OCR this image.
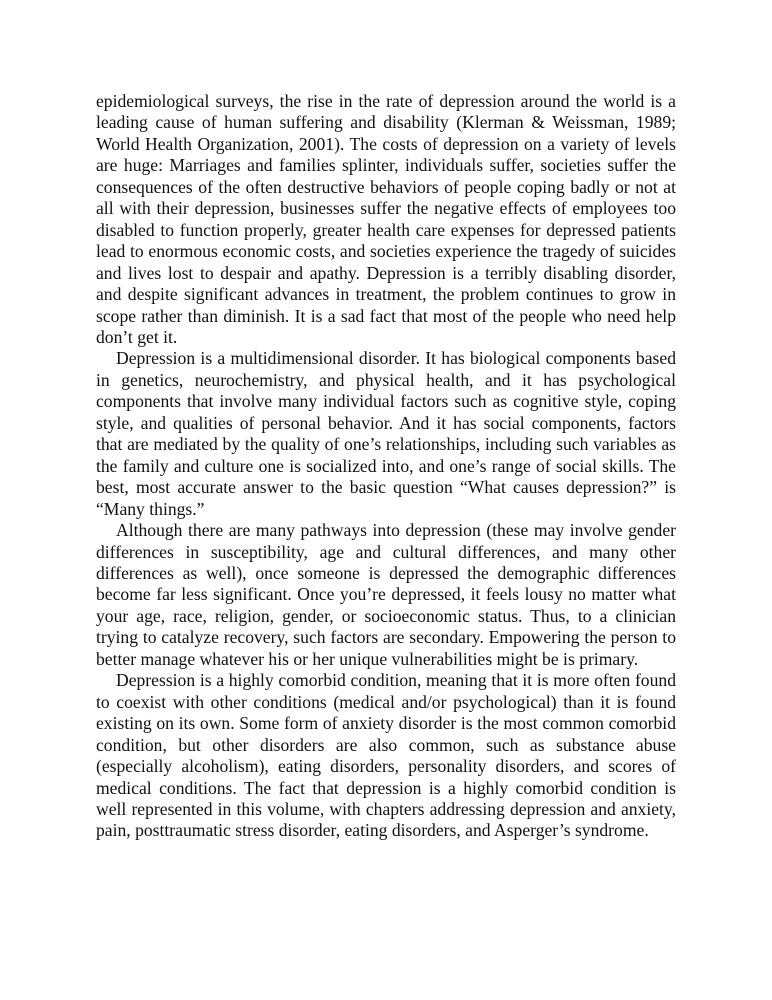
epidemiological surveys, the rise in the rate of depression around the world is a leading cause of human suffering and disability (Klerman & Weissman, 1989; World Health Organization, 2001). The costs of depression on a variety of levels are huge: Marriages and families splinter, individuals suffer, societies suffer the consequences of the often destructive behaviors of people coping badly or not at all with their depression, businesses suffer the negative effects of employees too disabled to function properly, greater health care expenses for depressed patients lead to enormous economic costs, and societies experience the tragedy of suicides and lives lost to despair and apathy. Depression is a terribly disabling disorder, and despite significant advances in treatment, the problem continues to grow in scope rather than diminish. It is a sad fact that most of the people who need help don’t get it.

Depression is a multidimensional disorder. It has biological components based in genetics, neurochemistry, and physical health, and it has psychological components that involve many individual factors such as cognitive style, coping style, and qualities of personal behavior. And it has social components, factors that are mediated by the quality of one’s relationships, including such variables as the family and culture one is socialized into, and one’s range of social skills. The best, most accurate answer to the basic question “What causes depression?” is “Many things.”

Although there are many pathways into depression (these may involve gender differences in susceptibility, age and cultural differences, and many other differences as well), once someone is depressed the demographic differences become far less significant. Once you’re depressed, it feels lousy no matter what your age, race, religion, gender, or socioeconomic status. Thus, to a clinician trying to catalyze recovery, such factors are secondary. Empowering the person to better manage whatever his or her unique vulnerabilities might be is primary.

Depression is a highly comorbid condition, meaning that it is more often found to coexist with other conditions (medical and/or psychological) than it is found existing on its own. Some form of anxiety disorder is the most common comorbid condition, but other disorders are also common, such as substance abuse (especially alcoholism), eating disorders, personality disorders, and scores of medical conditions. The fact that depression is a highly comorbid condition is well represented in this volume, with chapters addressing depression and anxiety, pain, posttraumatic stress disorder, eating disorders, and Asperger’s syndrome.
